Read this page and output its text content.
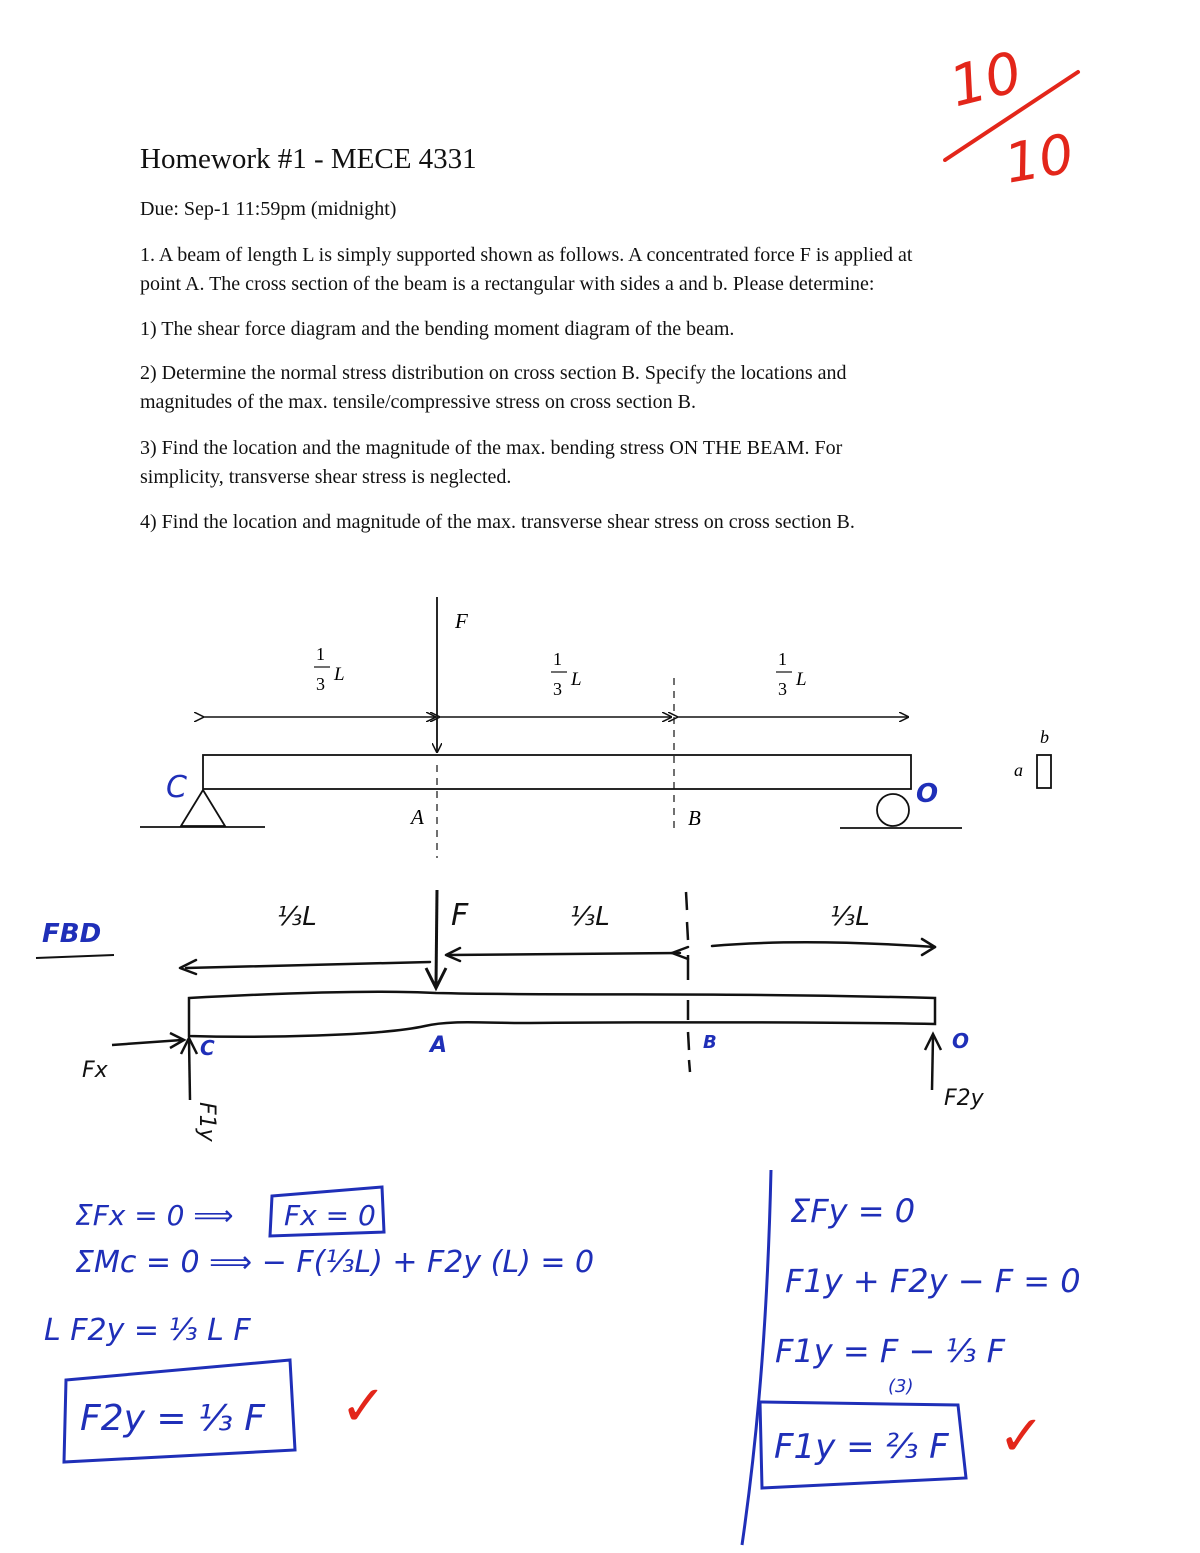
Homework #1 - MECE 4331
Due: Sep-1 11:59pm (midnight)
1. A beam of length L is simply supported shown as follows. A concentrated force F is applied at
point A. The cross section of the beam is a rectangular with sides a and b. Please determine:
1) The shear force diagram and the bending moment diagram of the beam.
2) Determine the normal stress distribution on cross section B. Specify the locations and
magnitudes of the max. tensile/compressive stress on cross section B.
3) Find the location and the magnitude of the max. bending stress ON THE BEAM. For
simplicity, transverse shear stress is neglected.
4) Find the location and magnitude of the max. transverse shear stress on cross section B.
10
10
F
1
3 L
1
3 L
1
3 L
A	B
b
a
C	O
FBD
⅓L	⅓L	⅓L
F
A	B
C	O
Fx
F1y
F2y
ΣFx = 0 ⟹ Fx = 0
ΣMc = 0 ⟹ − F(⅓L) + F2y (L) = 0
L F2y = ⅓ L F
F2y = ⅓ F ✓
ΣFy = 0
F1y + F2y − F = 0
F1y = F − ⅓ F
(3)
F1y = ⅔ F ✓
